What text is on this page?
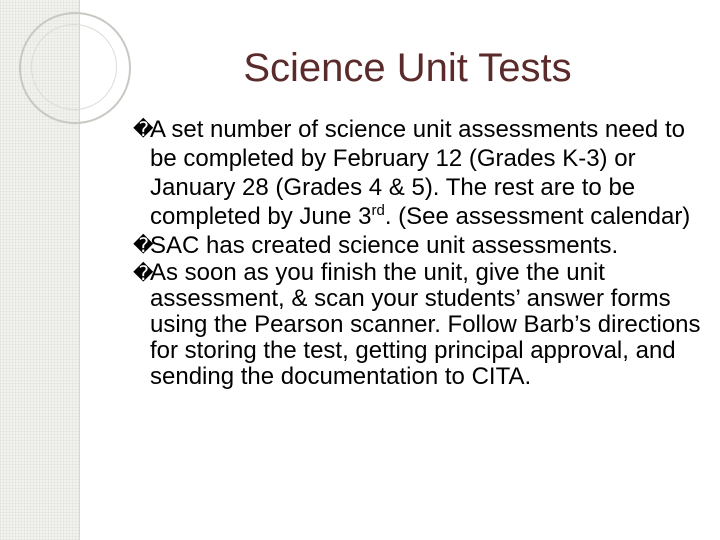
Science Unit Tests
�
A set number of science unit assessments need to be completed by February 12 (Grades K-3) or January 28 (Grades 4 & 5). The rest are to be completed by June 3rd. (See assessment calendar)
�
SAC has created science unit assessments.
�
As soon as you finish the unit, give the unit assessment, & scan your students’ answer forms using the Pearson scanner. Follow Barb’s directions for storing the test, getting principal approval, and sending the documentation to CITA.
